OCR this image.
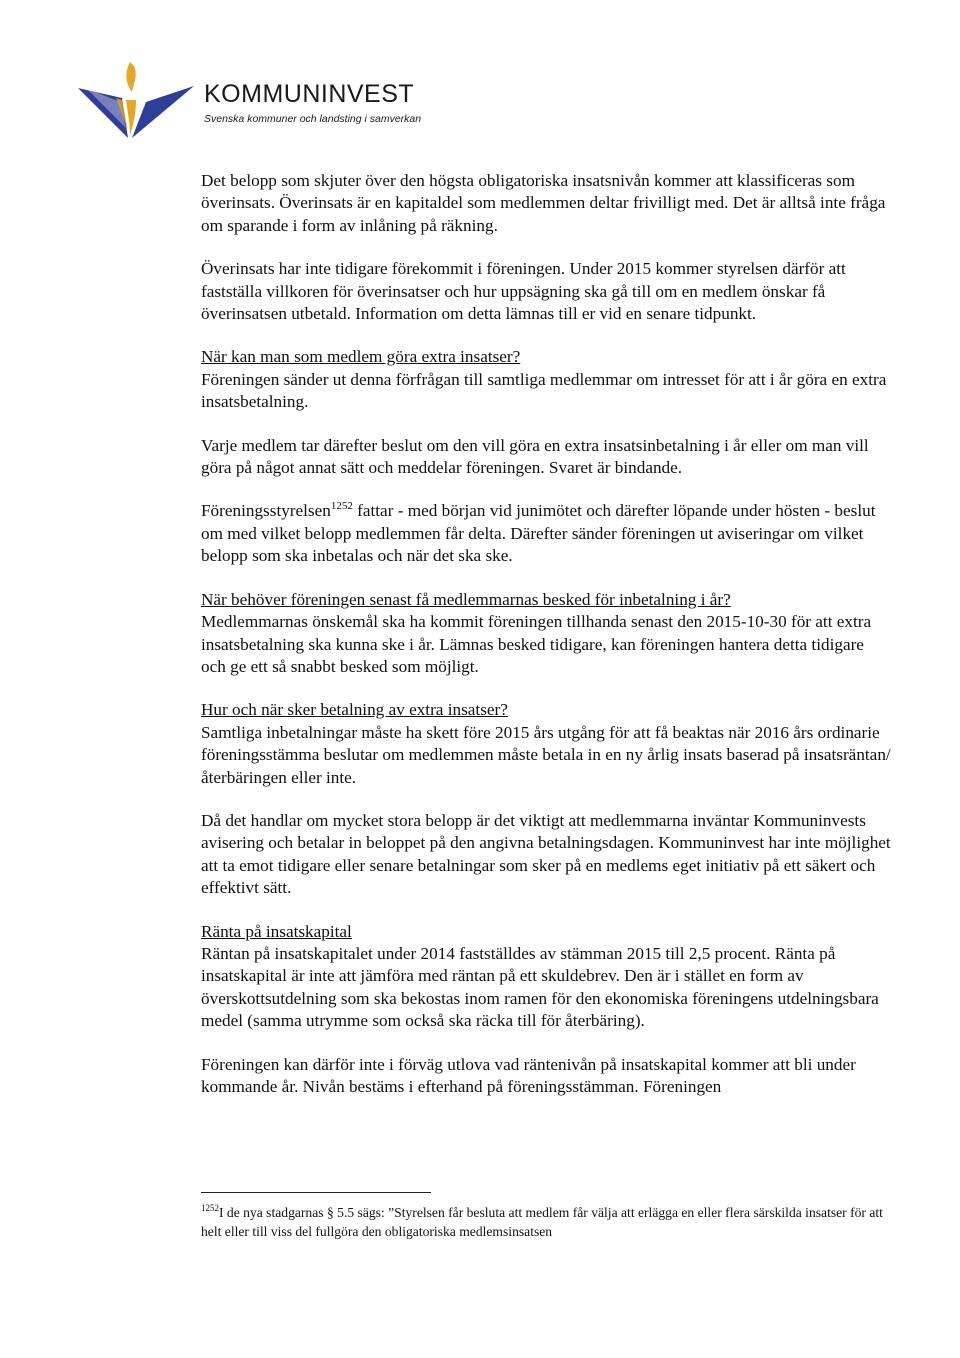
KOMMUNINVEST
Svenska kommuner och landsting i samverkan

Det belopp som skjuter över den högsta obligatoriska insatsnivån kommer att klassificeras som överinsats. Överinsats är en kapitaldel som medlemmen deltar frivilligt med. Det är alltså inte fråga om sparande i form av inlåning på räkning.

Överinsats har inte tidigare förekommit i föreningen. Under 2015 kommer styrelsen därför att fastställa villkoren för överinsatser och hur uppsägning ska gå till om en medlem önskar få överinsatsen utbetald. Information om detta lämnas till er vid en senare tidpunkt.

När kan man som medlem göra extra insatser?
Föreningen sänder ut denna förfrågan till samtliga medlemmar om intresset för att i år göra en extra insatsbetalning.

Varje medlem tar därefter beslut om den vill göra en extra insatsinbetalning i år eller om man vill göra på något annat sätt och meddelar föreningen. Svaret är bindande.

Föreningsstyrelsen$^{1252}$ fattar - med början vid junimötet och därefter löpande under hösten - beslut om med vilket belopp medlemmen får delta. Därefter sänder föreningen ut aviseringar om vilket belopp som ska inbetalas och när det ska ske.

När behöver föreningen senast få medlemmarnas besked för inbetalning i år?
Medlemmarnas önskemål ska ha kommit föreningen tillhanda senast den 2015-10-30 för att extra insatsbetalning ska kunna ske i år. Lämnas besked tidigare, kan föreningen hantera detta tidigare och ge ett så snabbt besked som möjligt.

Hur och när sker betalning av extra insatser?
Samtliga inbetalningar måste ha skett före 2015 års utgång för att få beaktas när 2016 års ordinarie föreningsstämma beslutar om medlemmen måste betala in en ny årlig insats baserad på insatsräntan/återbäringen eller inte.

Då det handlar om mycket stora belopp är det viktigt att medlemmarna inväntar Kommuninvests avisering och betalar in beloppet på den angivna betalningsdagen. Kommuninvest har inte möjlighet att ta emot tidigare eller senare betalningar som sker på en medlems eget initiativ på ett säkert och effektivt sätt.

Ränta på insatskapital
Räntan på insatskapitalet under 2014 fastställdes av stämman 2015 till 2,5 procent. Ränta på insatskapital är inte att jämföra med räntan på ett skuldebrev. Den är i stället en form av överskottsutdelning som ska bekostas inom ramen för den ekonomiska föreningens utdelningsbara medel (samma utrymme som också ska räcka till för återbäring).

Föreningen kan därför inte i förväg utlova vad räntenivån på insatskapital kommer att bli under kommande år. Nivån bestäms i efterhand på föreningsstämman. Föreningen

$^{1252}$I de nya stadgarnas § 5.5 sägs: ”Styrelsen får besluta att medlem får välja att erlägga en eller flera särskilda insatser för att helt eller till viss del fullgöra den obligatoriska medlemsinsatsen
